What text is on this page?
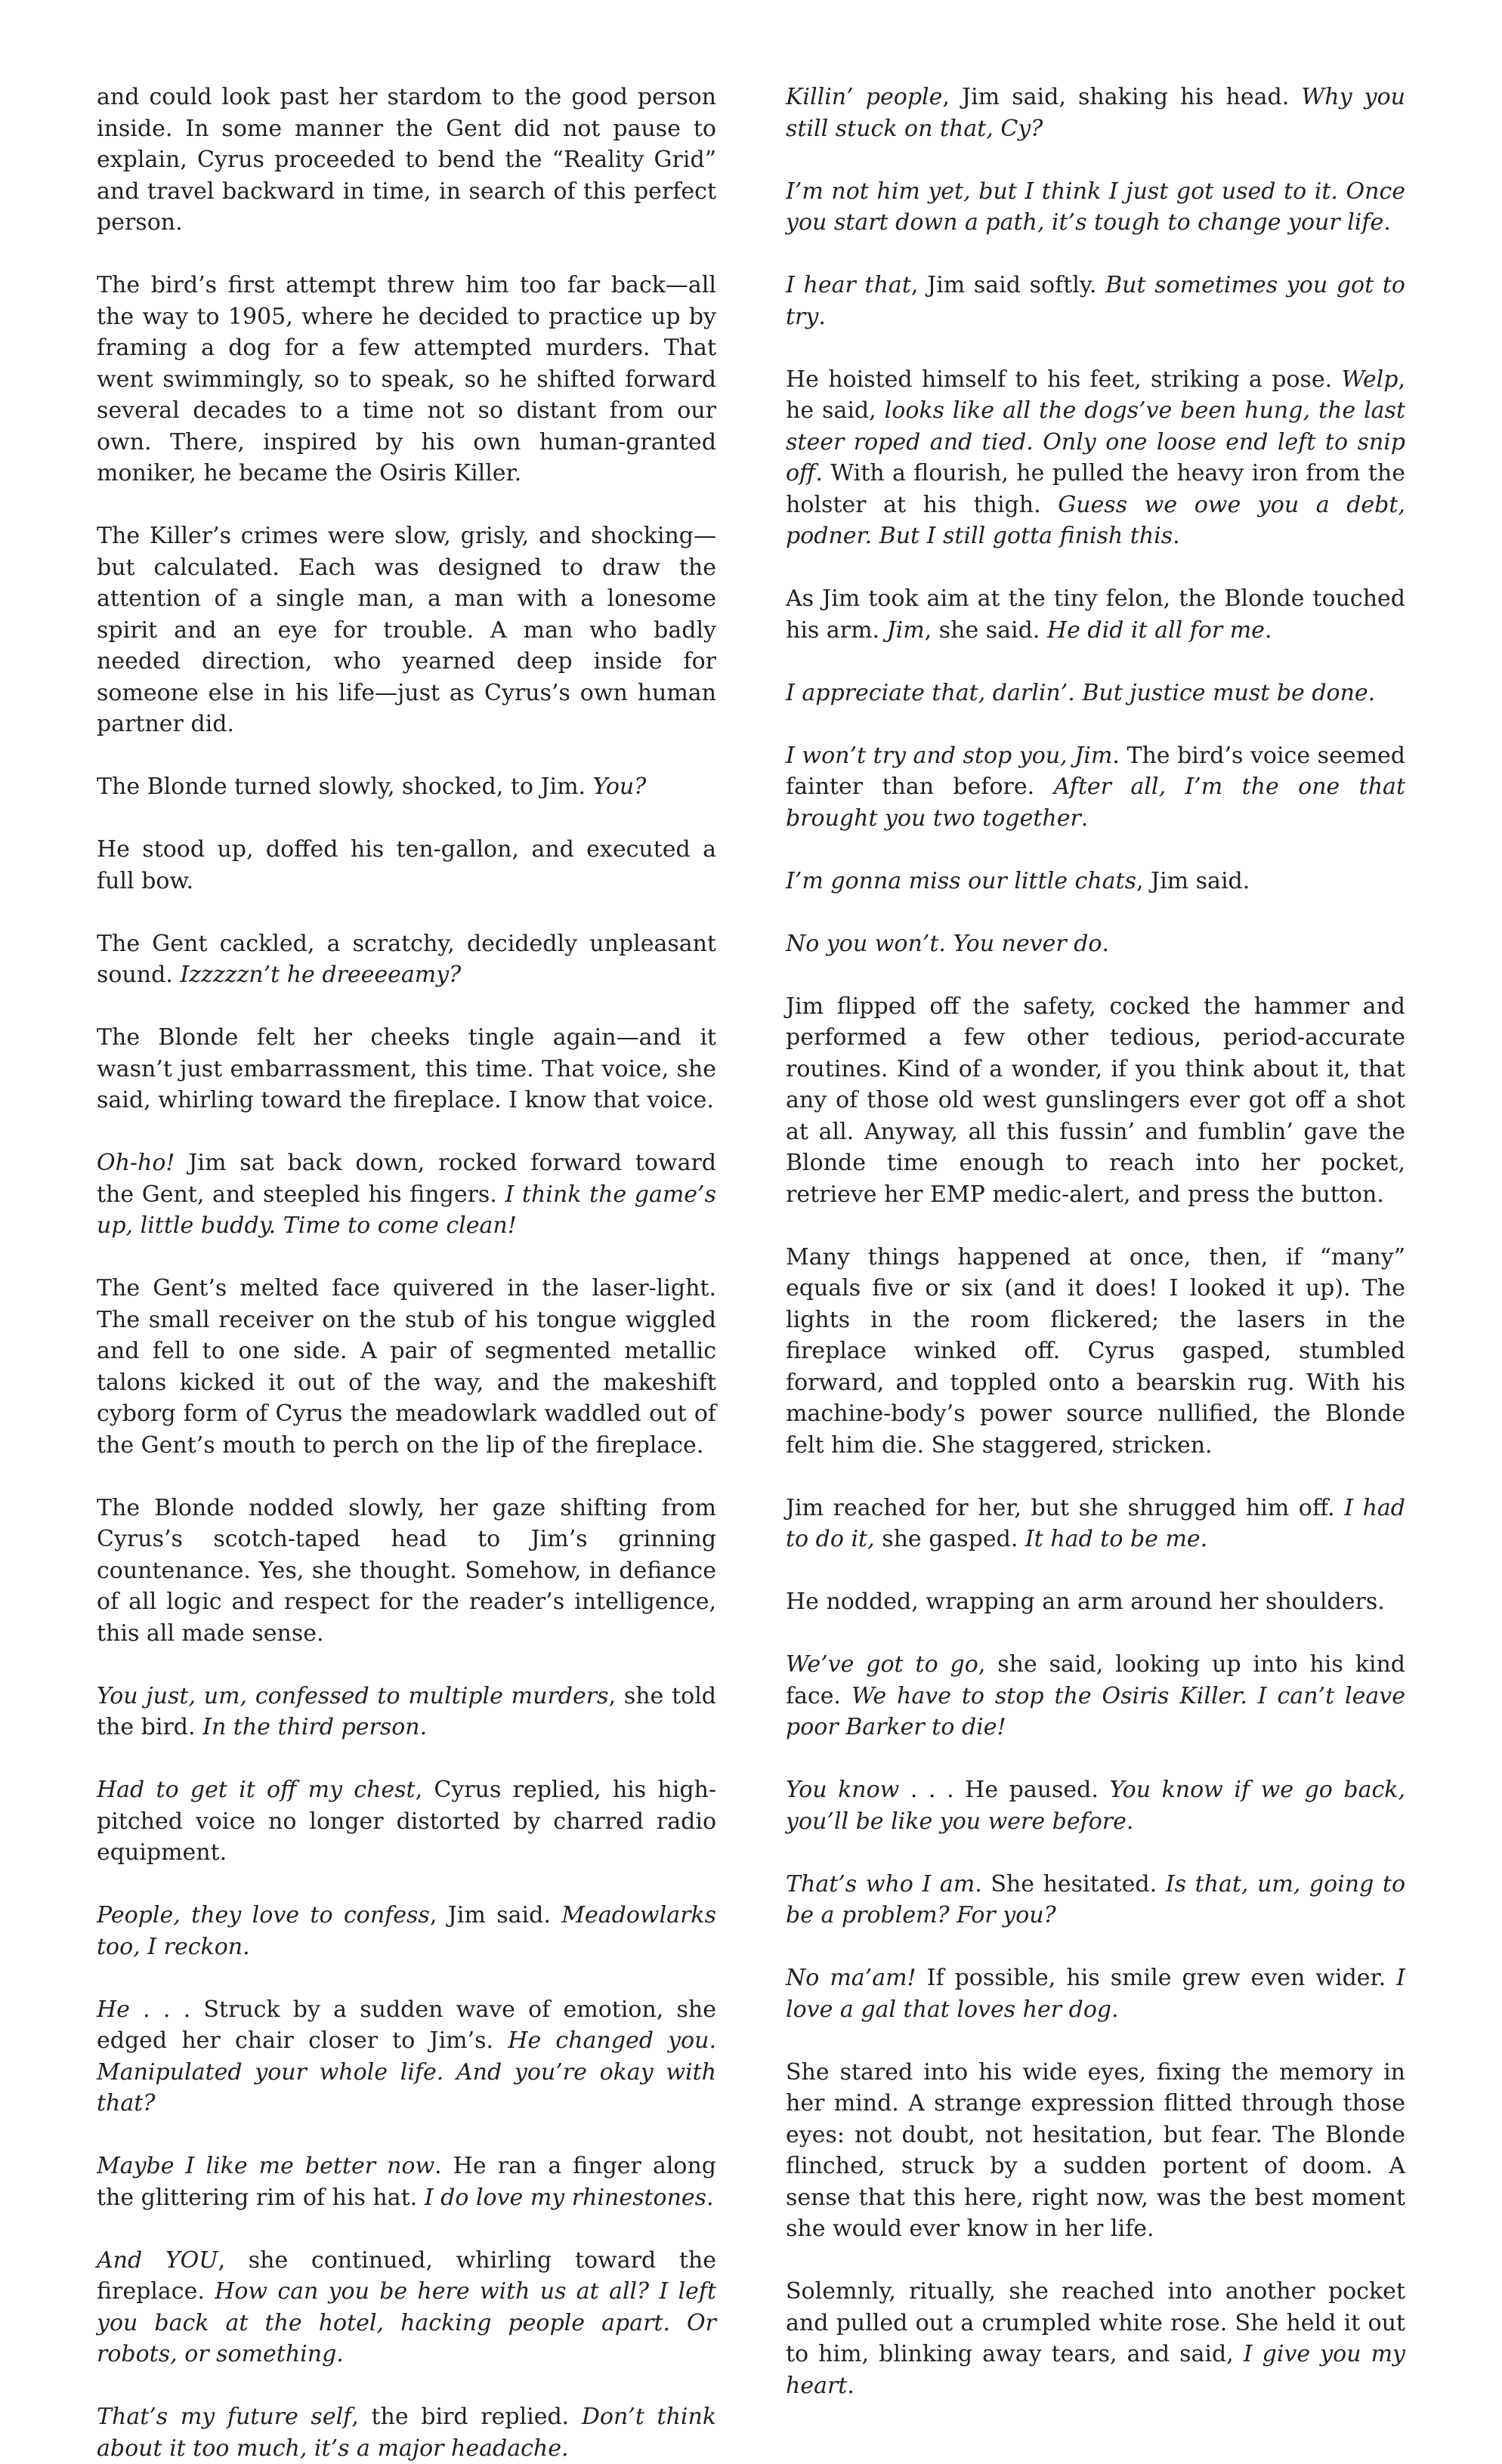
and could look past her stardom to the good person inside. In some manner the Gent did not pause to explain, Cyrus proceeded to bend the “Reality Grid” and travel backward in time, in search of this perfect person.

The bird’s first attempt threw him too far back—all the way to 1905, where he decided to practice up by framing a dog for a few attempted murders. That went swimmingly, so to speak, so he shifted forward several decades to a time not so distant from our own. There, inspired by his own human-granted moniker, he became the Osiris Killer.

The Killer’s crimes were slow, grisly, and shocking—but calculated. Each was designed to draw the attention of a single man, a man with a lonesome spirit and an eye for trouble. A man who badly needed direction, who yearned deep inside for someone else in his life—just as Cyrus’s own human partner did.

The Blonde turned slowly, shocked, to Jim. You?

He stood up, doffed his ten-gallon, and executed a full bow.

The Gent cackled, a scratchy, decidedly unpleasant sound. Izzzzzn’t he dreeeeamy?

The Blonde felt her cheeks tingle again—and it wasn’t just embarrassment, this time. That voice, she said, whirling toward the fireplace. I know that voice.

Oh-ho! Jim sat back down, rocked forward toward the Gent, and steepled his fingers. I think the game’s up, little buddy. Time to come clean!

The Gent’s melted face quivered in the laser-light. The small receiver on the stub of his tongue wiggled and fell to one side. A pair of segmented metallic talons kicked it out of the way, and the makeshift cyborg form of Cyrus the meadowlark waddled out of the Gent’s mouth to perch on the lip of the fireplace.

The Blonde nodded slowly, her gaze shifting from Cyrus’s scotch-taped head to Jim’s grinning countenance. Yes, she thought. Somehow, in defiance of all logic and respect for the reader’s intelligence, this all made sense.

You just, um, confessed to multiple murders, she told the bird. In the third person.

Had to get it off my chest, Cyrus replied, his high-pitched voice no longer distorted by charred radio equipment.

People, they love to confess, Jim said. Meadowlarks too, I reckon.

He . . . Struck by a sudden wave of emotion, she edged her chair closer to Jim’s. He changed you. Manipulated your whole life. And you’re okay with that?

Maybe I like me better now. He ran a finger along the glittering rim of his hat. I do love my rhinestones.

And YOU, she continued, whirling toward the fireplace. How can you be here with us at all? I left you back at the hotel, hacking people apart. Or robots, or something.

That’s my future self, the bird replied. Don’t think about it too much, it’s a major headache.

Killin’ people, Jim said, shaking his head. Why you still stuck on that, Cy?

I’m not him yet, but I think I just got used to it. Once you start down a path, it’s tough to change your life.

I hear that, Jim said softly. But sometimes you got to try.

He hoisted himself to his feet, striking a pose. Welp, he said, looks like all the dogs’ve been hung, the last steer roped and tied. Only one loose end left to snip off. With a flourish, he pulled the heavy iron from the holster at his thigh. Guess we owe you a debt, podner. But I still gotta finish this.

As Jim took aim at the tiny felon, the Blonde touched his arm. Jim, she said. He did it all for me.

I appreciate that, darlin’. But justice must be done.

I won’t try and stop you, Jim. The bird’s voice seemed fainter than before. After all, I’m the one that brought you two together.

I’m gonna miss our little chats, Jim said.

No you won’t. You never do.

Jim flipped off the safety, cocked the hammer and performed a few other tedious, period-accurate routines. Kind of a wonder, if you think about it, that any of those old west gunslingers ever got off a shot at all. Anyway, all this fussin’ and fumblin’ gave the Blonde time enough to reach into her pocket, retrieve her EMP medic-alert, and press the button.

Many things happened at once, then, if “many” equals five or six (and it does! I looked it up). The lights in the room flickered; the lasers in the fireplace winked off. Cyrus gasped, stumbled forward, and toppled onto a bearskin rug. With his machine-body’s power source nullified, the Blonde felt him die. She staggered, stricken.

Jim reached for her, but she shrugged him off. I had to do it, she gasped. It had to be me.

He nodded, wrapping an arm around her shoulders.

We’ve got to go, she said, looking up into his kind face. We have to stop the Osiris Killer. I can’t leave poor Barker to die!

You know . . . He paused. You know if we go back, you’ll be like you were before.

That’s who I am. She hesitated. Is that, um, going to be a problem? For you?

No ma’am! If possible, his smile grew even wider. I love a gal that loves her dog.

She stared into his wide eyes, fixing the memory in her mind. A strange expression flitted through those eyes: not doubt, not hesitation, but fear. The Blonde flinched, struck by a sudden portent of doom. A sense that this here, right now, was the best moment she would ever know in her life.

Solemnly, ritually, she reached into another pocket and pulled out a crumpled white rose. She held it out to him, blinking away tears, and said, I give you my heart.
